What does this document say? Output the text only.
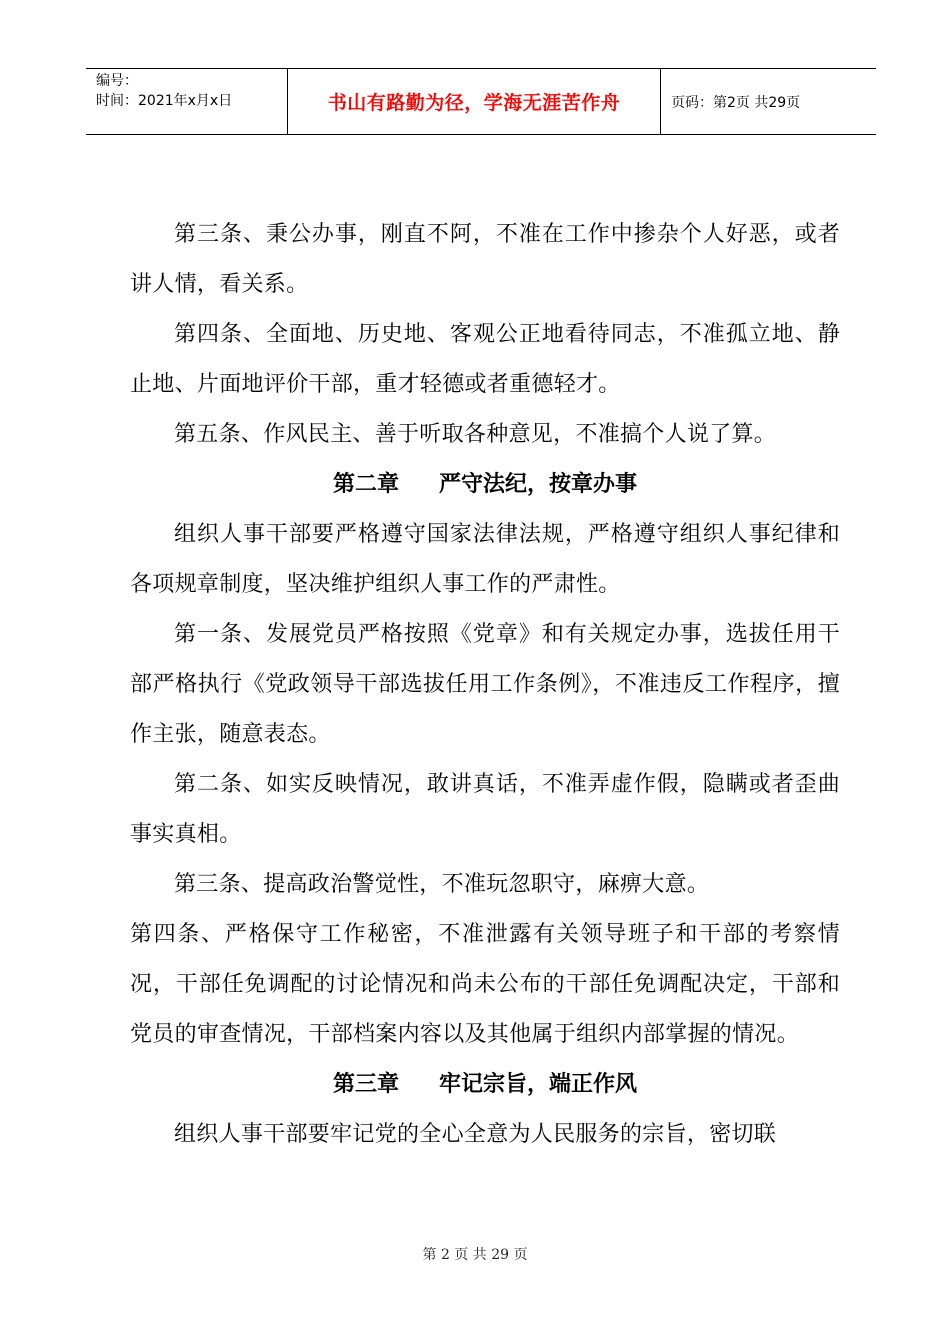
编号：
时间：2021年x月x日	书山有路勤为径，学海无涯苦作舟	页码：第2页 共29页

第三条、秉公办事，刚直不阿，不准在工作中掺杂个人好恶，或者讲人情，看关系。

第四条、全面地、历史地、客观公正地看待同志，不准孤立地、静止地、片面地评价干部，重才轻德或者重德轻才。

第五条、作风民主、善于听取各种意见，不准搞个人说了算。

第二章 严守法纪，按章办事

组织人事干部要严格遵守国家法律法规，严格遵守组织人事纪律和各项规章制度，坚决维护组织人事工作的严肃性。

第一条、发展党员严格按照《党章》和有关规定办事，选拔任用干部严格执行《党政领导干部选拔任用工作条例》，不准违反工作程序，擅作主张，随意表态。

第二条、如实反映情况，敢讲真话，不准弄虚作假，隐瞒或者歪曲事实真相。

第三条、提高政治警觉性，不准玩忽职守，麻痹大意。

第四条、严格保守工作秘密，不准泄露有关领导班子和干部的考察情况，干部任免调配的讨论情况和尚未公布的干部任免调配决定，干部和党员的审查情况，干部档案内容以及其他属于组织内部掌握的情况。

第三章 牢记宗旨，端正作风

组织人事干部要牢记党的全心全意为人民服务的宗旨，密切联

第 2 页 共 29 页
